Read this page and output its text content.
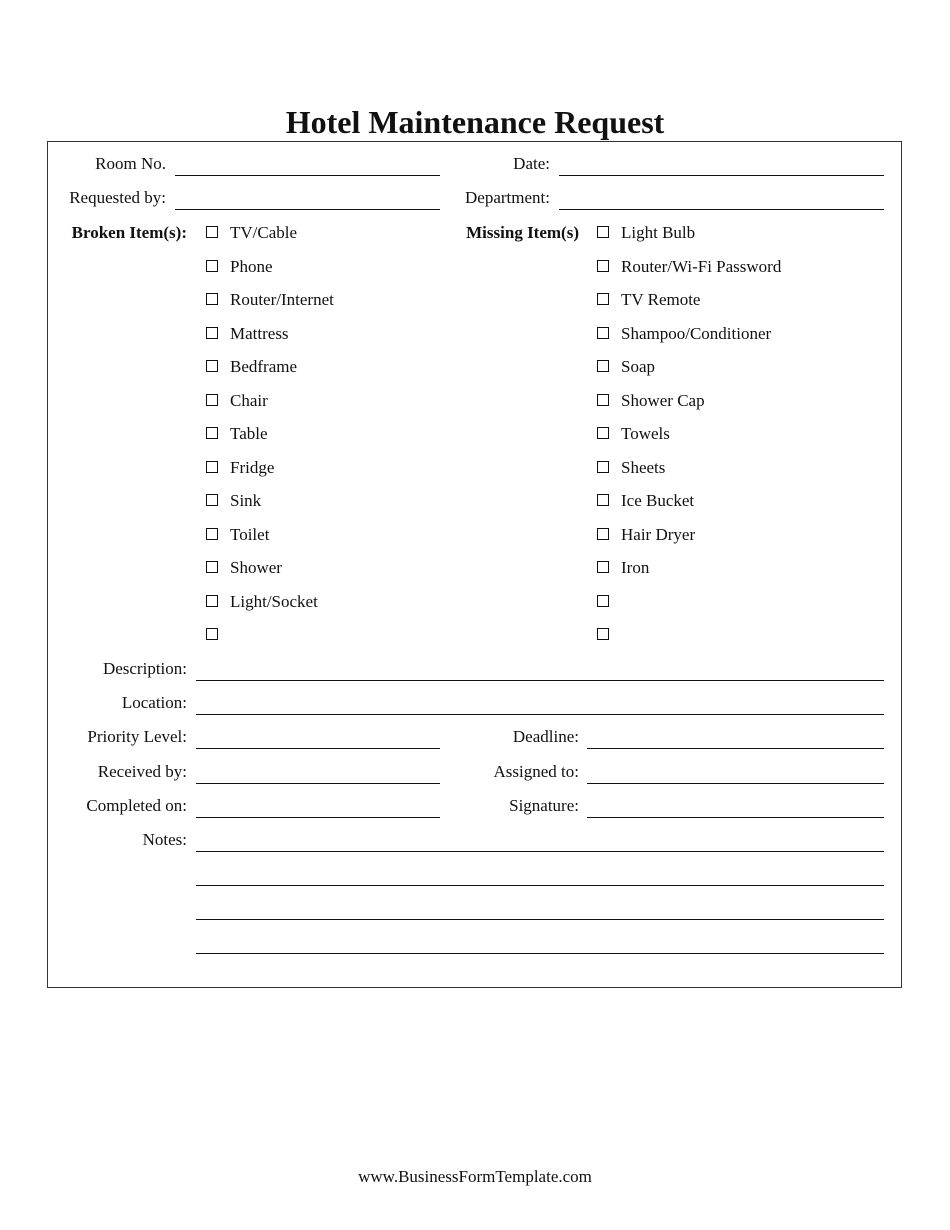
Hotel Maintenance Request
Room No.	Date:
Requested by:	Department:
Broken Item(s):	Missing Item(s)
TV/Cable
Phone
Router/Internet
Mattress
Bedframe
Chair
Table
Fridge
Sink
Toilet
Shower
Light/Socket
Light Bulb
Router/Wi-Fi Password
TV Remote
Shampoo/Conditioner
Soap
Shower Cap
Towels
Sheets
Ice Bucket
Hair Dryer
Iron
Description:
Location:
Priority Level:	Deadline:
Received by:	Assigned to:
Completed on:	Signature:
Notes:
www.BusinessFormTemplate.com
